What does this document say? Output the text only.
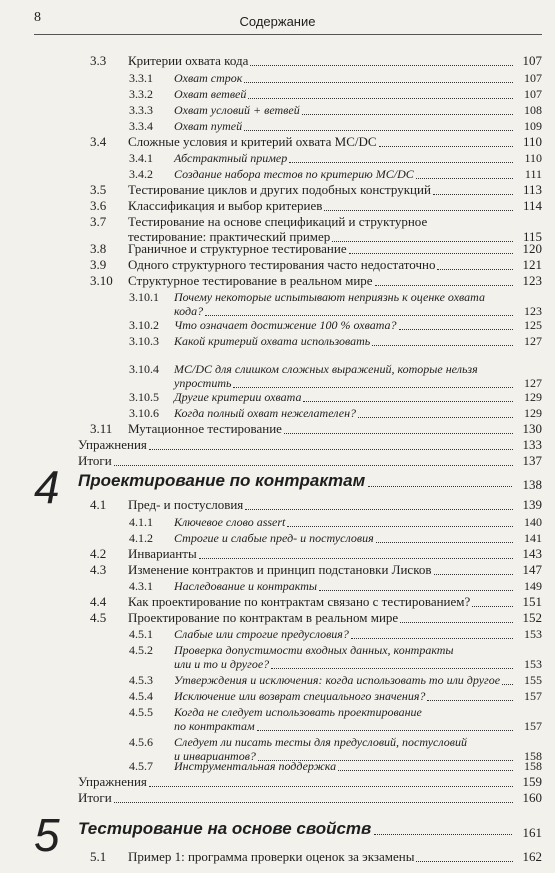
8	Содержание
3.3 Критерии охвата кода	107
3.3.1 Охват строк	107
3.3.2 Охват ветвей	107
3.3.3 Охват условий + ветвей	108
3.3.4 Охват путей	109
3.4 Сложные условия и критерий охвата MC/DC	110
3.4.1 Абстрактный пример	110
3.4.2 Создание набора тестов по критерию MC/DC	111
3.5 Тестирование циклов и других подобных конструкций	113
3.6 Классификация и выбор критериев	114
3.7 Тестирование на основе спецификаций и структурное
тестирование: практический пример	115
3.8 Граничное и структурное тестирование	120
3.9 Одного структурного тестирования часто недостаточно	121
3.10 Структурное тестирование в реальном мире	123
3.10.1 Почему некоторые испытывают неприязнь к оценке охвата
кода?	123
3.10.2 Что означает достижение 100 % охвата?	125
3.10.3 Какой критерий охвата использовать	127
3.10.4 MC/DC для слишком сложных выражений, которые нельзя
упростить	127
3.10.5 Другие критерии охвата	129
3.10.6 Когда полный охват нежелателен?	129
3.11 Мутационное тестирование	130
Упражнения	133
Итоги	137
4 Проектирование по контрактам	138
4.1 Пред- и постусловия	139
4.1.1 Ключевое слово assert	140
4.1.2 Строгие и слабые пред- и постусловия	141
4.2 Инварианты	143
4.3 Изменение контрактов и принцип подстановки Лисков	147
4.3.1 Наследование и контракты	149
4.4 Как проектирование по контрактам связано с тестированием?	151
4.5 Проектирование по контрактам в реальном мире	152
4.5.1 Слабые или строгие предусловия?	153
4.5.2 Проверка допустимости входных данных, контракты
или и то и другое?	153
4.5.3 Утверждения и исключения: когда использовать то или другое	155
4.5.4 Исключение или возврат специального значения?	157
4.5.5 Когда не следует использовать проектирование
по контрактам	157
4.5.6 Следует ли писать тесты для предусловий, постусловий
и инвариантов?	158
4.5.7 Инструментальная поддержка	158
Упражнения	159
Итоги	160
5 Тестирование на основе свойств	161
5.1 Пример 1: программа проверки оценок за экзамены	162
